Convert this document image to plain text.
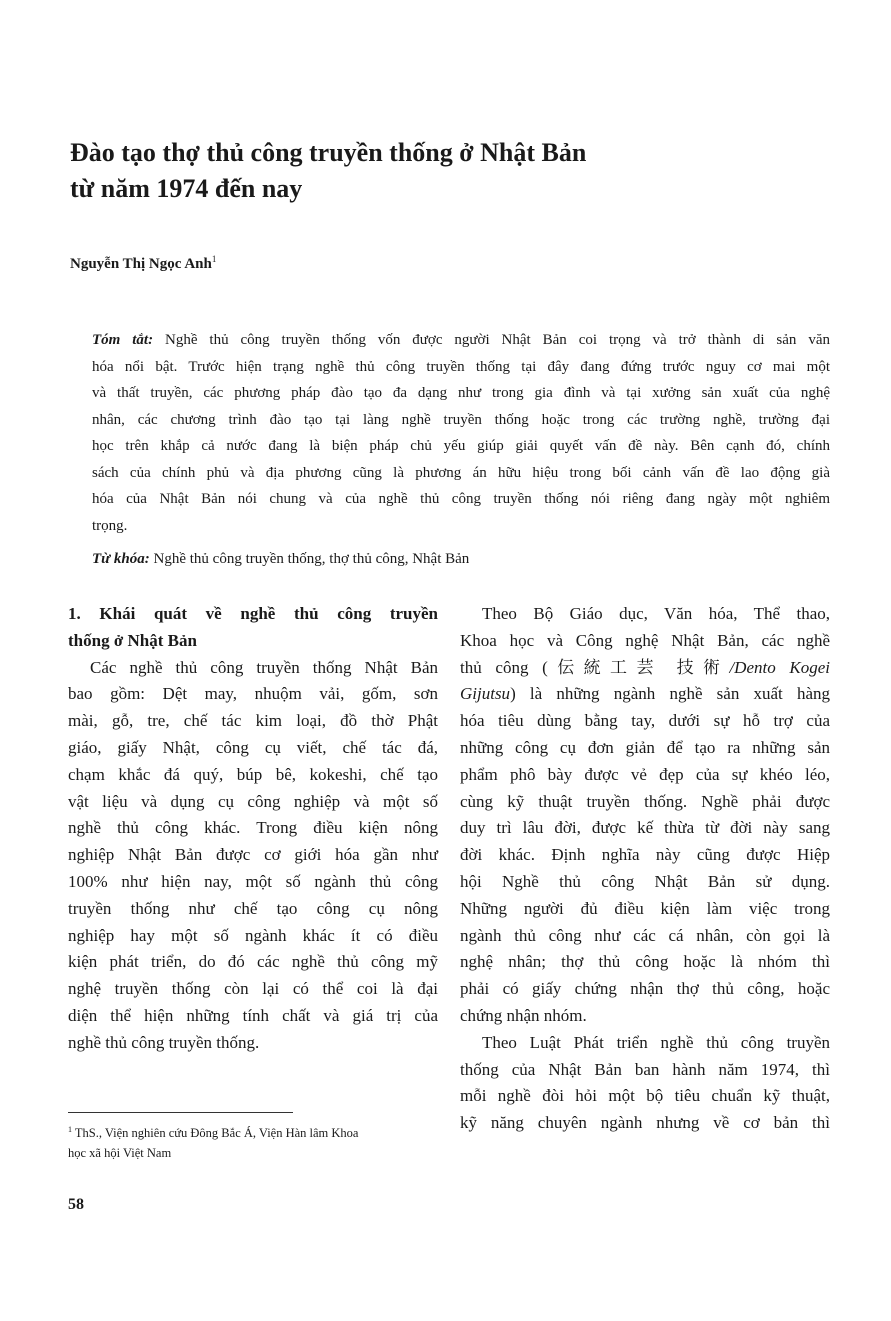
Đào tạo thợ thủ công truyền thống ở Nhật Bản
từ năm 1974 đến nay
Nguyễn Thị Ngọc Anh$^1$
Tóm tắt: Nghề thủ công truyền thống vốn được người Nhật Bản coi trọng và trở thành di sản văn
hóa nổi bật. Trước hiện trạng nghề thủ công truyền thống tại đây đang đứng trước nguy cơ mai một
và thất truyền, các phương pháp đào tạo đa dạng như trong gia đình và tại xưởng sản xuất của nghệ
nhân, các chương trình đào tạo tại làng nghề truyền thống hoặc trong các trường nghề, trường đại
học trên khắp cả nước đang là biện pháp chủ yếu giúp giải quyết vấn đề này. Bên cạnh đó, chính
sách của chính phủ và địa phương cũng là phương án hữu hiệu trong bối cảnh vấn đề lao động già
hóa của Nhật Bản nói chung và của nghề thủ công truyền thống nói riêng đang ngày một nghiêm
trọng.
Từ khóa: Nghề thủ công truyền thống, thợ thủ công, Nhật Bản
1. Khái quát về nghề thủ công truyền
thống ở Nhật Bản
Các nghề thủ công truyền thống Nhật Bản
bao gồm: Dệt may, nhuộm vải, gốm, sơn
mài, gỗ, tre, chế tác kim loại, đồ thờ Phật
giáo, giấy Nhật, công cụ viết, chế tác đá,
chạm khắc đá quý, búp bê, kokeshi, chế tạo
vật liệu và dụng cụ công nghiệp và một số
nghề thủ công khác. Trong điều kiện nông
nghiệp Nhật Bản được cơ giới hóa gần như
100% như hiện nay, một số ngành thủ công
truyền thống như chế tạo công cụ nông
nghiệp hay một số ngành khác ít có điều
kiện phát triển, do đó các nghề thủ công mỹ
nghệ truyền thống còn lại có thể coi là đại
diện thể hiện những tính chất và giá trị của
nghề thủ công truyền thống.
Theo Bộ Giáo dục, Văn hóa, Thể thao,
Khoa học và Công nghệ Nhật Bản, các nghề
thủ công (伝統工芸 技術/Dento Kogei
Gijutsu) là những ngành nghề sản xuất hàng
hóa tiêu dùng bằng tay, dưới sự hỗ trợ của
những công cụ đơn giản để tạo ra những sản
phẩm phô bày được vẻ đẹp của sự khéo léo,
cùng kỹ thuật truyền thống. Nghề phải được
duy trì lâu đời, được kế thừa từ đời này sang
đời khác. Định nghĩa này cũng được Hiệp
hội Nghề thủ công Nhật Bản sử dụng.
Những người đủ điều kiện làm việc trong
ngành thủ công như các cá nhân, còn gọi là
nghệ nhân; thợ thủ công hoặc là nhóm thì
phải có giấy chứng nhận thợ thủ công, hoặc
chứng nhận nhóm.
Theo Luật Phát triển nghề thủ công truyền
thống của Nhật Bản ban hành năm 1974, thì
mỗi nghề đòi hỏi một bộ tiêu chuẩn kỹ thuật,
kỹ năng chuyên ngành nhưng về cơ bản thì
$^1$ ThS., Viện nghiên cứu Đông Bắc Á, Viện Hàn lâm Khoa
học xã hội Việt Nam
58
